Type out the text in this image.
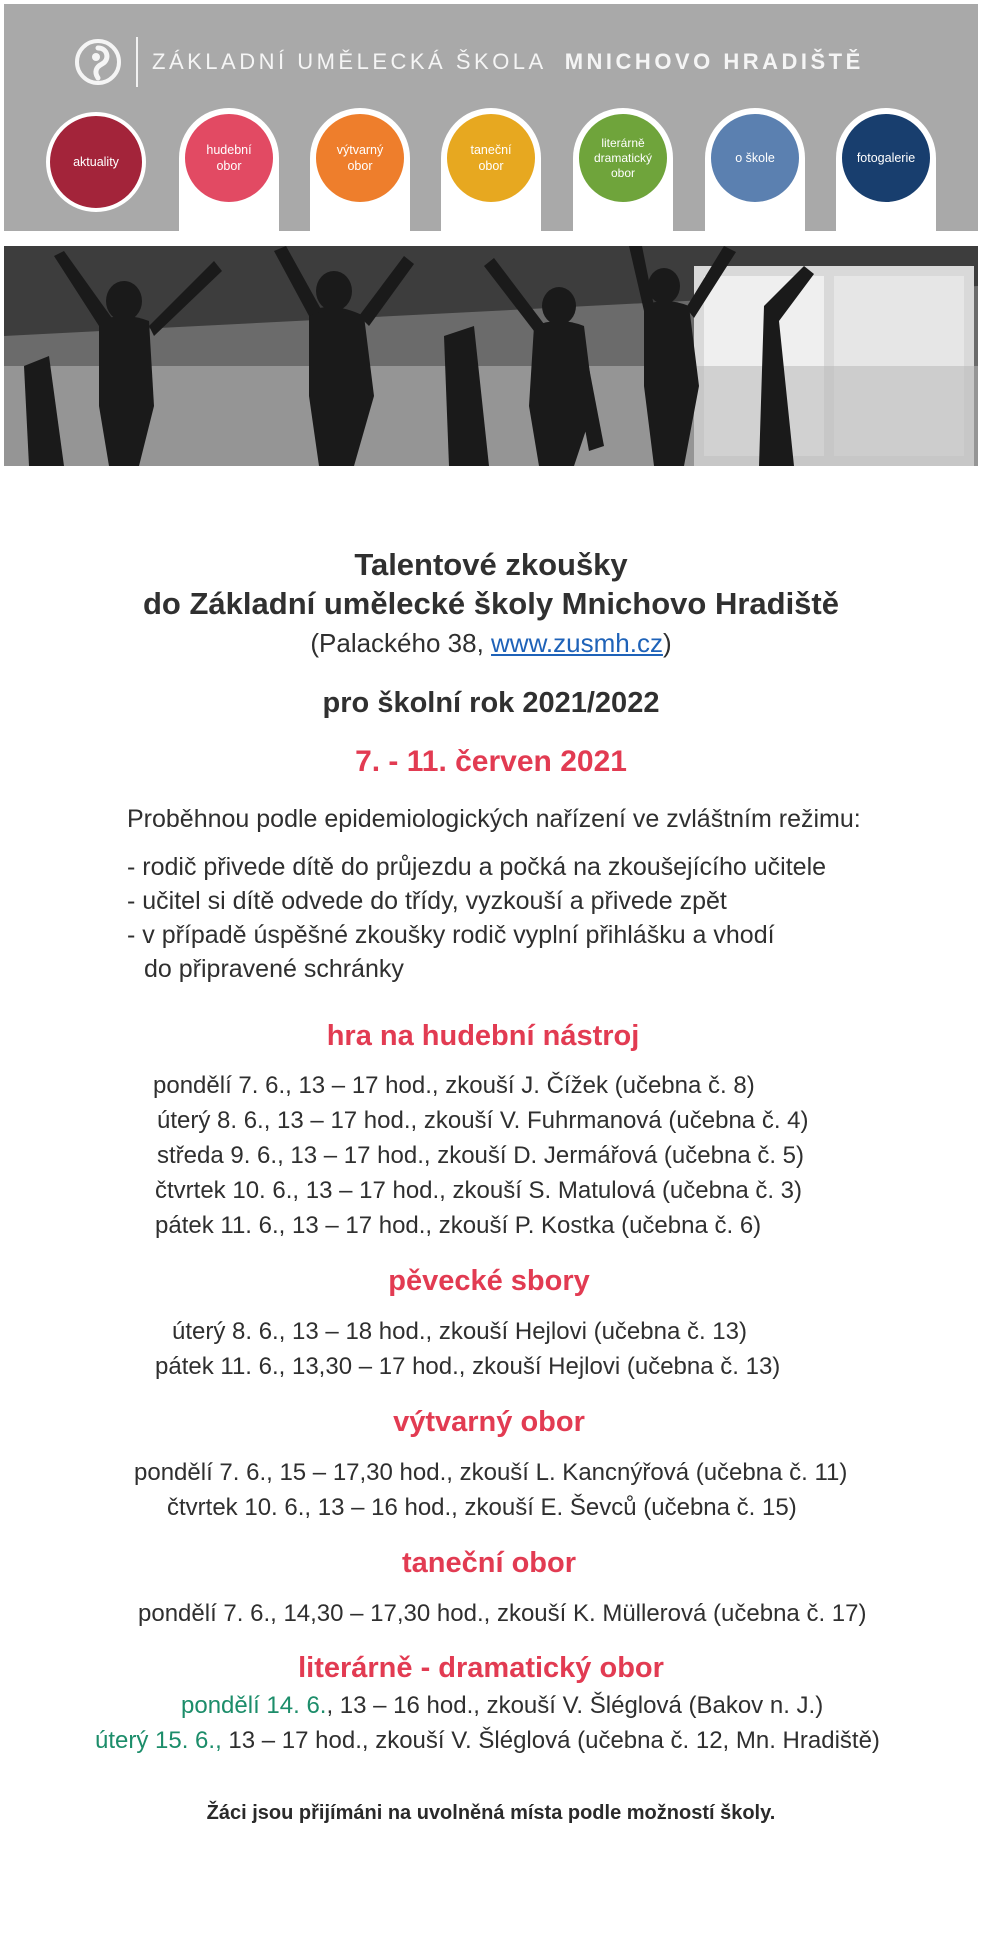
ZÁKLADNÍ UMĚLECKÁ ŠKOLA MNICHOVO HRADIŠTĚ
aktuality
hudební
obor
výtvarný
obor
taneční
obor
literárně
dramatický
obor
o škole	fotogalerie
Talentové zkoušky
do Základní umělecké školy Mnichovo Hradiště
(Palackého 38, www.zusmh.cz)
pro školní rok 2021/2022
7. - 11. červen 2021
Proběhnou podle epidemiologických nařízení ve zvláštním režimu:
- rodič přivede dítě do průjezdu a počká na zkoušejícího učitele
- učitel si dítě odvede do třídy, vyzkouší a přivede zpět
- v případě úspěšné zkoušky rodič vyplní přihlášku a vhodí
do připravené schránky
hra na hudební nástroj
pondělí 7. 6., 13 – 17 hod., zkouší J. Čížek (učebna č. 8)
úterý 8. 6., 13 – 17 hod., zkouší V. Fuhrmanová (učebna č. 4)
středa 9. 6., 13 – 17 hod., zkouší D. Jermářová (učebna č. 5)
čtvrtek 10. 6., 13 – 17 hod., zkouší S. Matulová (učebna č. 3)
pátek 11. 6., 13 – 17 hod., zkouší P. Kostka (učebna č. 6)
pěvecké sbory
úterý 8. 6., 13 – 18 hod., zkouší Hejlovi (učebna č. 13)
pátek 11. 6., 13,30 – 17 hod., zkouší Hejlovi (učebna č. 13)
výtvarný obor
pondělí 7. 6., 15 – 17,30 hod., zkouší L. Kancnýřová (učebna č. 11)
čtvrtek 10. 6., 13 – 16 hod., zkouší E. Ševců (učebna č. 15)
taneční obor
pondělí 7. 6., 14,30 – 17,30 hod., zkouší K. Müllerová (učebna č. 17)
literárně - dramatický obor
pondělí 14. 6., 13 – 16 hod., zkouší V. Šléglová (Bakov n. J.)
úterý 15. 6., 13 – 17 hod., zkouší V. Šléglová (učebna č. 12, Mn. Hradiště)
Žáci jsou přijímáni na uvolněná místa podle možností školy.
